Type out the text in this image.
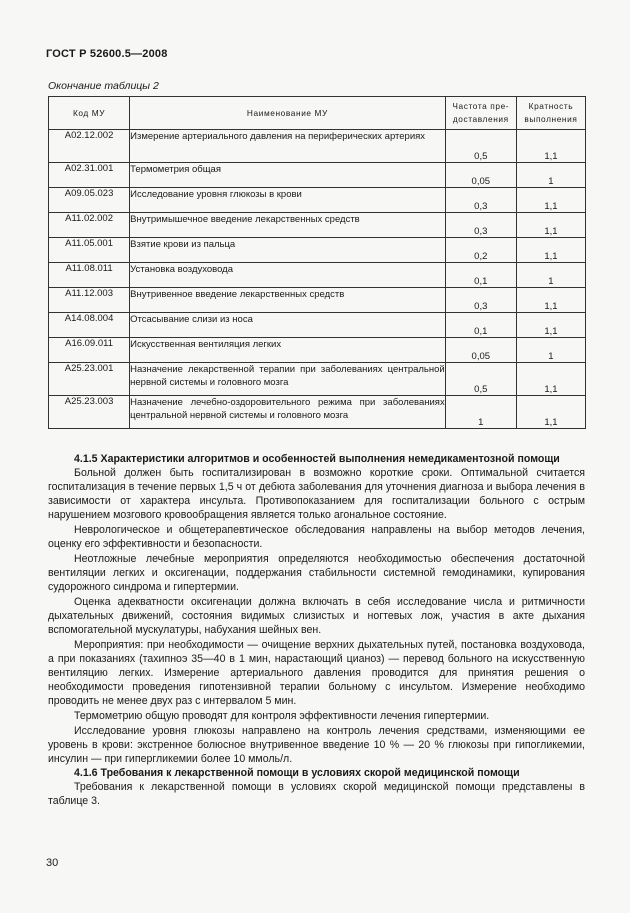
ГОСТ Р 52600.5—2008
Окончание таблицы 2
Код МУ	Наименование МУ	Частота пре-доставления	Кратность выполнения
А02.12.002	Измерение артериального давления на периферических артериях	0,5	1,1
А02.31.001	Термометрия общая	0,05	1
А09.05.023	Исследование уровня глюкозы в крови	0,3	1,1
А11.02.002	Внутримышечное введение лекарственных средств	0,3	1,1
А11.05.001	Взятие крови из пальца	0,2	1,1
А11.08.011	Установка воздуховода	0,1	1
А11.12.003	Внутривенное введение лекарственных средств	0,3	1,1
А14.08.004	Отсасывание слизи из носа	0,1	1,1
А16.09.011	Искусственная вентиляция легких	0,05	1
А25.23.001	Назначение лекарственной терапии при заболеваниях центральной нервной системы и головного мозга	0,5	1,1
А25.23.003	Назначение лечебно-оздоровительного режима при заболеваниях центральной нервной системы и головного мозга	1	1,1

4.1.5 Характеристики алгоритмов и особенностей выполнения немедикаментозной помощи

Больной должен быть госпитализирован в возможно короткие сроки. Оптимальной считается госпитализация в течение первых 1,5 ч от дебюта заболевания для уточнения диагноза и выбора лечения в зависимости от характера инсульта. Противопоказанием для госпитализации больного с острым нарушением мозгового кровообращения является только агональное состояние.

Неврологическое и общетерапевтическое обследования направлены на выбор методов лечения, оценку его эффективности и безопасности.

Неотложные лечебные мероприятия определяются необходимостью обеспечения достаточной вентиляции легких и оксигенации, поддержания стабильности системной гемодинамики, купирования судорожного синдрома и гипертермии.

Оценка адекватности оксигенации должна включать в себя исследование числа и ритмичности дыхательных движений, состояния видимых слизистых и ногтевых лож, участия в акте дыхания вспомогательной мускулатуры, набухания шейных вен.

Мероприятия: при необходимости — очищение верхних дыхательных путей, постановка воздуховода, а при показаниях (тахипноэ 35—40 в 1 мин, нарастающий цианоз) — перевод больного на искусственную вентиляцию легких. Измерение артериального давления проводится для принятия решения о необходимости проведения гипотензивной терапии больному с инсультом. Измерение необходимо проводить не менее двух раз с интервалом 5 мин.

Термометрию общую проводят для контроля эффективности лечения гипертермии.

Исследование уровня глюкозы направлено на контроль лечения средствами, изменяющими ее уровень в крови: экстренное болюсное внутривенное введение 10 % — 20 % глюкозы при гипогликемии, инсулин — при гипергликемии более 10 ммоль/л.

4.1.6 Требования к лекарственной помощи в условиях скорой медицинской помощи

Требования к лекарственной помощи в условиях скорой медицинской помощи представлены в таблице 3.

30
